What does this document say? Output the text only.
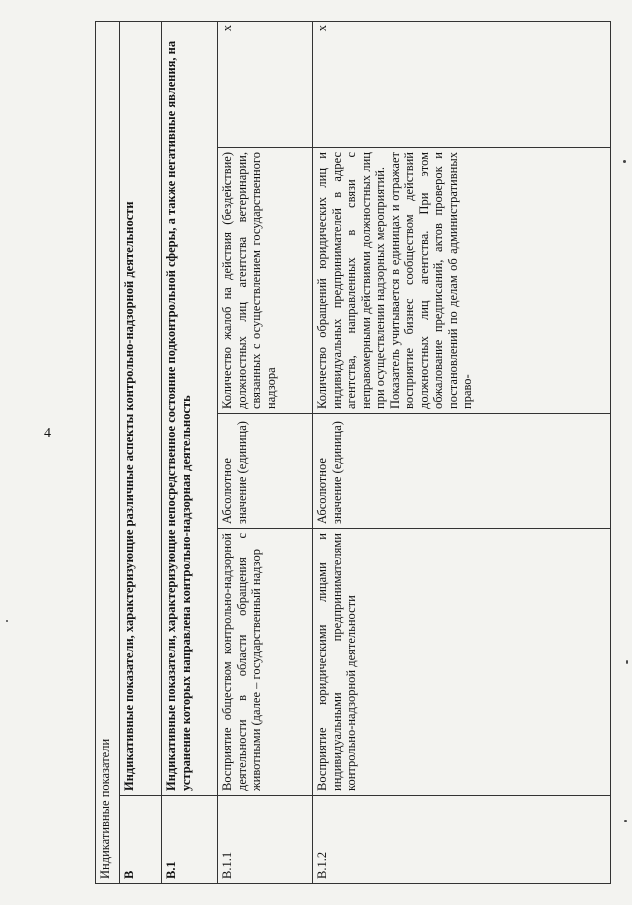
4
Индикативные показатели				
В	Индикативные показатели, характеризующие различные аспекты контрольно-надзорной деятельности			
В.1	Индикативные показатели, характеризующие непосредственное состояние подконтрольной сферы, а также негативные явления, на устранение которых направлена контрольно-надзорная деятельность			
В.1.1	Восприятие обществом контрольно-надзорной деятельности в области обращения с животными (далее – государственный надзор	Абсолютное значение (единица)	Количество жалоб на действия (бездействие) должностных лиц агентства ветеринарии, связанных с осуществлением государственного надзора	х
В.1.2	Восприятие юридическими лицами и индивидуальными предпринимателями контрольно-надзорной деятельности	Абсолютное значение (единица)	Количество обращений юридических лиц и индивидуальных предпринимателей в адрес агентства, направленных в связи с неправомерными действиями должностных лиц при осуществлении надзорных мероприятий. Показатель учитывается в единицах и отражает восприятие бизнес сообществом действий должностных лиц агентства. При этом обжалование предписаний, актов проверок и постановлений по делам об административных право-	х
